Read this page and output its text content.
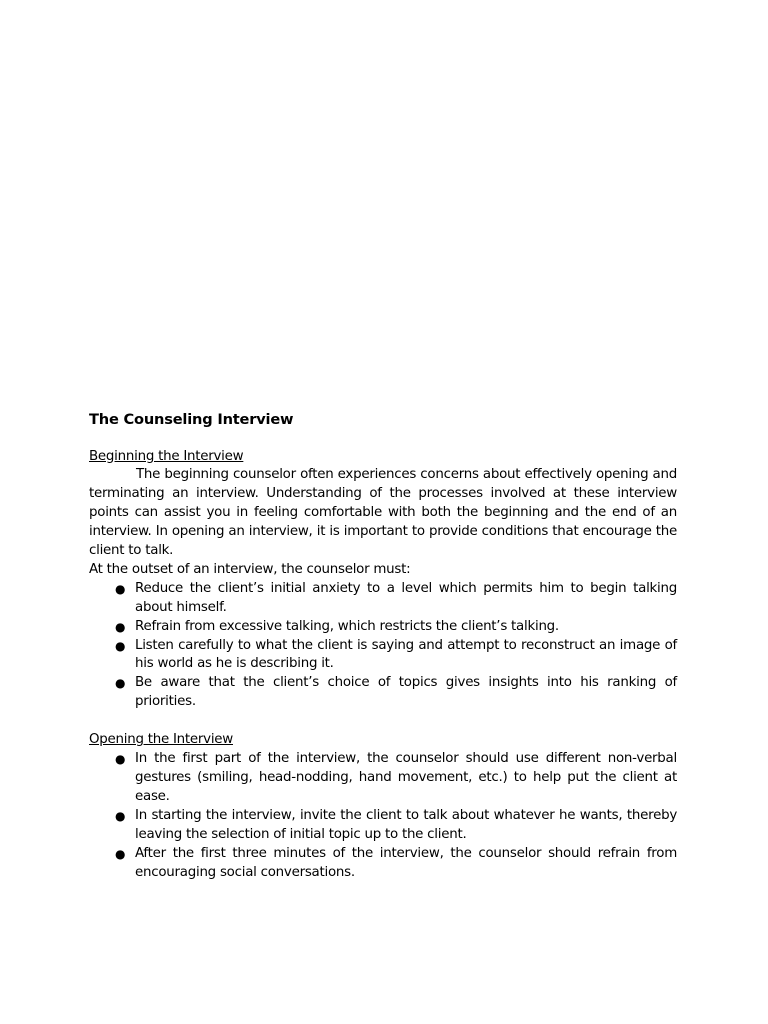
The Counseling Interview
Beginning the Interview

The beginning counselor often experiences concerns about effectively opening and terminating an interview. Understanding of the processes involved at these interview points can assist you in feeling comfortable with both the beginning and the end of an interview. In opening an interview, it is important to provide conditions that encourage the client to talk.

At the outset of an interview, the counselor must:

● Reduce the client’s initial anxiety to a level which permits him to begin talking about himself.
● Refrain from excessive talking, which restricts the client’s talking.
● Listen carefully to what the client is saying and attempt to reconstruct an image of his world as he is describing it.
● Be aware that the client’s choice of topics gives insights into his ranking of priorities.
Opening the Interview
● In the first part of the interview, the counselor should use different non-verbal gestures (smiling, head-nodding, hand movement, etc.) to help put the client at ease.
● In starting the interview, invite the client to talk about whatever he wants, thereby leaving the selection of initial topic up to the client.
● After the first three minutes of the interview, the counselor should refrain from encouraging social conversations.
